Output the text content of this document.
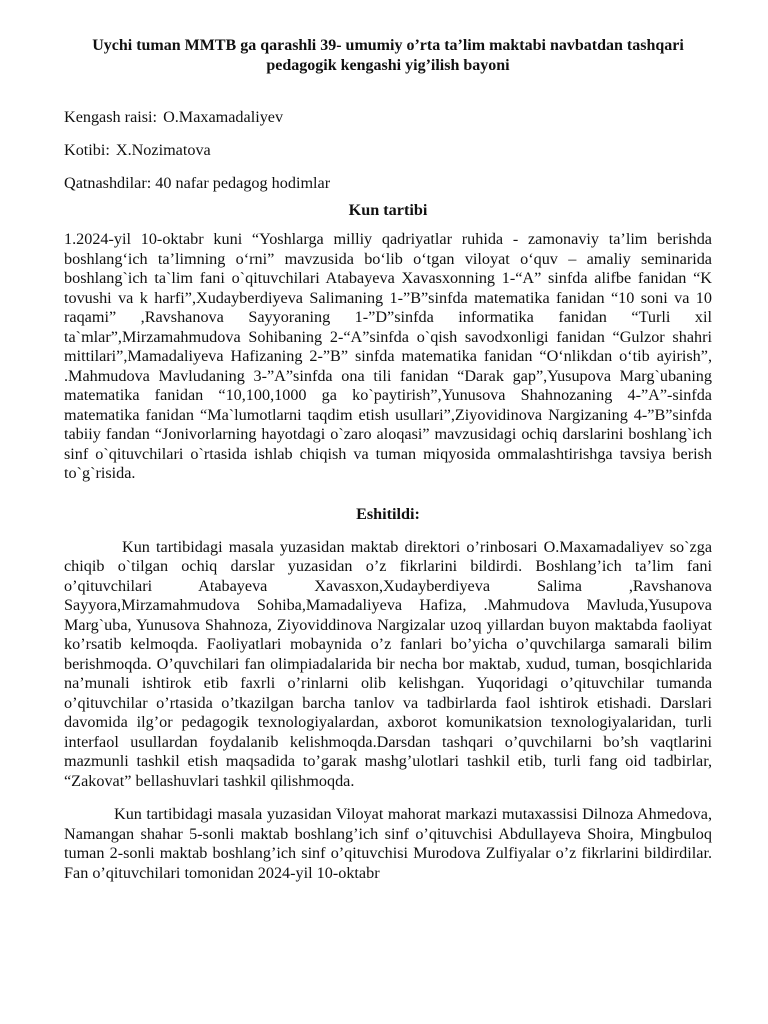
Uychi tuman MMTB ga qarashli 39- umumiy o’rta ta’lim maktabi navbatdan tashqari
pedagogik kengashi yig’ilish bayoni

Kengash raisi: O.Maxamadaliyev

Kotibi: X.Nozimatova

Qatnashdilar: 40 nafar pedagog hodimlar

Kun tartibi

1.2024-yil 10-oktabr kuni “Yoshlarga milliy qadriyatlar ruhida - zamonaviy ta’lim berishda boshlang‘ich ta’limning o‘rni” mavzusida bo‘lib o‘tgan viloyat o‘quv – amaliy seminarida boshlang`ich ta`lim fani o`qituvchilari Atabayeva Xavasxonning 1-“A” sinfda alifbe fanidan “K tovushi va k harfi”,Xudayberdiyeva Salimaning 1-”B”sinfda matematika fanidan “10 soni va 10 raqami” ,Ravshanova Sayyoraning 1-”D”sinfda informatika fanidan “Turli xil ta`mlar”,Mirzamahmudova Sohibaning 2-“A”sinfda o`qish savodxonligi fanidan “Gulzor shahri mittilari”,Mamadaliyeva Hafizaning 2-”B” sinfda matematika fanidan “O‘nlikdan o‘tib ayirish”, .Mahmudova Mavludaning 3-”A”sinfda ona tili fanidan “Darak gap”,Yusupova Marg`ubaning matematika fanidan “10,100,1000 ga ko`paytirish”,Yunusova Shahnozaning 4-”A”-sinfda matematika fanidan “Ma`lumotlarni taqdim etish usullari”,Ziyovidinova Nargizaning 4-”B”sinfda tabiiy fandan “Jonivorlarning hayotdagi o`zaro aloqasi” mavzusidagi ochiq darslarini boshlang`ich sinf o`qituvchilari o`rtasida ishlab chiqish va tuman miqyosida ommalashtirishga tavsiya berish to`g`risida.

Eshitildi:

Kun tartibidagi masala yuzasidan maktab direktori o’rinbosari O.Maxamadaliyev so`zga chiqib o`tilgan ochiq darslar yuzasidan o’z fikrlarini bildirdi. Boshlang’ich ta’lim fani o’qituvchilari Atabayeva Xavasxon,Xudayberdiyeva Salima ,Ravshanova Sayyora,Mirzamahmudova Sohiba,Mamadaliyeva Hafiza, .Mahmudova Mavluda,Yusupova Marg`uba, Yunusova Shahnoza, Ziyoviddinova Nargizalar uzoq yillardan buyon maktabda faoliyat ko’rsatib kelmoqda. Faoliyatlari mobaynida o’z fanlari bo’yicha o’quvchilarga samarali bilim berishmoqda. O’quvchilari fan olimpiadalarida bir necha bor maktab, xudud, tuman, bosqichlarida na’munali ishtirok etib faxrli o’rinlarni olib kelishgan. Yuqoridagi o’qituvchilar tumanda o’qituvchilar o’rtasida o’tkazilgan barcha tanlov va tadbirlarda faol ishtirok etishadi. Darslari davomida ilg’or pedagogik texnologiyalardan, axborot komunikatsion texnologiyalaridan, turli interfaol usullardan foydalanib kelishmoqda.Darsdan tashqari o’quvchilarni bo’sh vaqtlarini mazmunli tashkil etish maqsadida to’garak mashg’ulotlari tashkil etib, turli fang oid tadbirlar, “Zakovat” bellashuvlari tashkil qilishmoqda.

Kun tartibidagi masala yuzasidan Viloyat mahorat markazi mutaxassisi Dilnoza Ahmedova, Namangan shahar 5-sonli maktab boshlang’ich sinf o’qituvchisi Abdullayeva Shoira, Mingbuloq tuman 2-sonli maktab boshlang’ich sinf o’qituvchisi Murodova Zulfiyalar o’z fikrlarini bildirdilar. Fan o’qituvchilari tomonidan 2024-yil 10-oktabr
